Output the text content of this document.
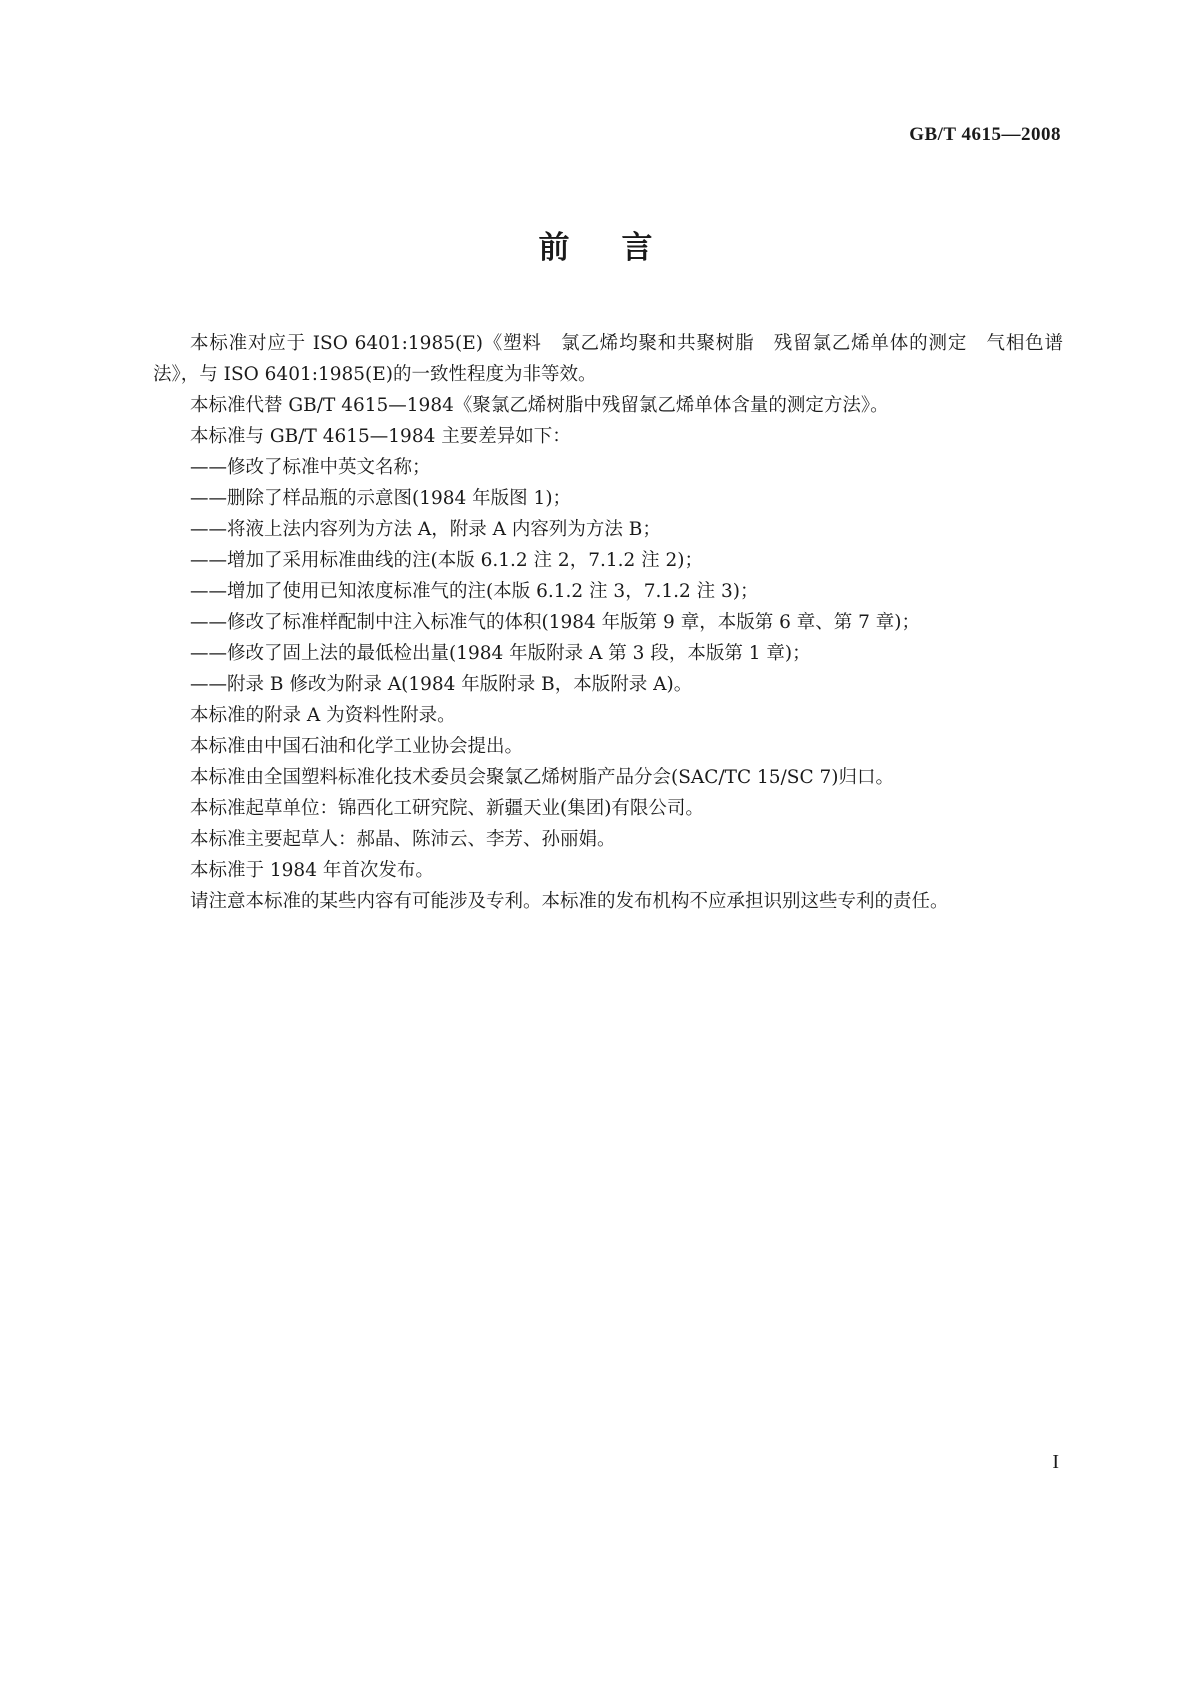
GB/T 4615—2008
前言

本标准对应于 ISO 6401:1985(E)《塑料　氯乙烯均聚和共聚树脂　残留氯乙烯单体的测定　气相色谱法》，与 ISO 6401:1985(E)的一致性程度为非等效。

本标准代替 GB/T 4615—1984《聚氯乙烯树脂中残留氯乙烯单体含量的测定方法》。

本标准与 GB/T 4615—1984 主要差异如下：

——修改了标准中英文名称；

——删除了样品瓶的示意图(1984 年版图 1)；

——将液上法内容列为方法 A，附录 A 内容列为方法 B；

——增加了采用标准曲线的注(本版 6.1.2 注 2，7.1.2 注 2)；

——增加了使用已知浓度标准气的注(本版 6.1.2 注 3，7.1.2 注 3)；

——修改了标准样配制中注入标准气的体积(1984 年版第 9 章，本版第 6 章、第 7 章)；

——修改了固上法的最低检出量(1984 年版附录 A 第 3 段，本版第 1 章)；

——附录 B 修改为附录 A(1984 年版附录 B，本版附录 A)。

本标准的附录 A 为资料性附录。

本标准由中国石油和化学工业协会提出。

本标准由全国塑料标准化技术委员会聚氯乙烯树脂产品分会(SAC/TC 15/SC 7)归口。

本标准起草单位：锦西化工研究院、新疆天业(集团)有限公司。

本标准主要起草人：郝晶、陈沛云、李芳、孙丽娟。

本标准于 1984 年首次发布。

请注意本标准的某些内容有可能涉及专利。本标准的发布机构不应承担识别这些专利的责任。

I
